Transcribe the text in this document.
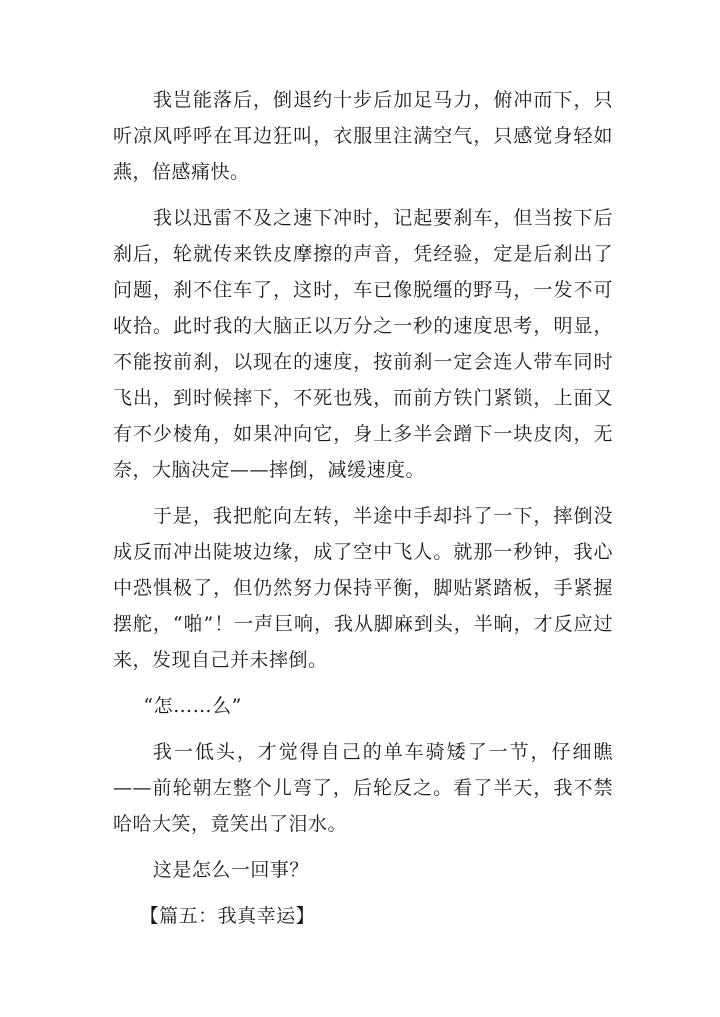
我岂能落后，倒退约十步后加足马力，俯冲而下，只听凉风呼呼在耳边狂叫，衣服里注满空气，只感觉身轻如燕，倍感痛快。

我以迅雷不及之速下冲时，记起要刹车，但当按下后刹后，轮就传来铁皮摩擦的声音，凭经验，定是后刹出了问题，刹不住车了，这时，车已像脱缰的野马，一发不可收拾。此时我的大脑正以万分之一秒的速度思考，明显，不能按前刹，以现在的速度，按前刹一定会连人带车同时飞出，到时候摔下，不死也残，而前方铁门紧锁，上面又有不少棱角，如果冲向它，身上多半会蹭下一块皮肉，无奈，大脑决定——摔倒，减缓速度。

于是，我把舵向左转，半途中手却抖了一下，摔倒没成反而冲出陡坡边缘，成了空中飞人。就那一秒钟，我心中恐惧极了，但仍然努力保持平衡，脚贴紧踏板，手紧握摆舵，“啪”！一声巨响，我从脚麻到头，半晌，才反应过来，发现自己并未摔倒。

“怎……么”

我一低头，才觉得自己的单车骑矮了一节，仔细瞧——前轮朝左整个儿弯了，后轮反之。看了半天，我不禁哈哈大笑，竟笑出了泪水。

这是怎么一回事？

【篇五：我真幸运】
